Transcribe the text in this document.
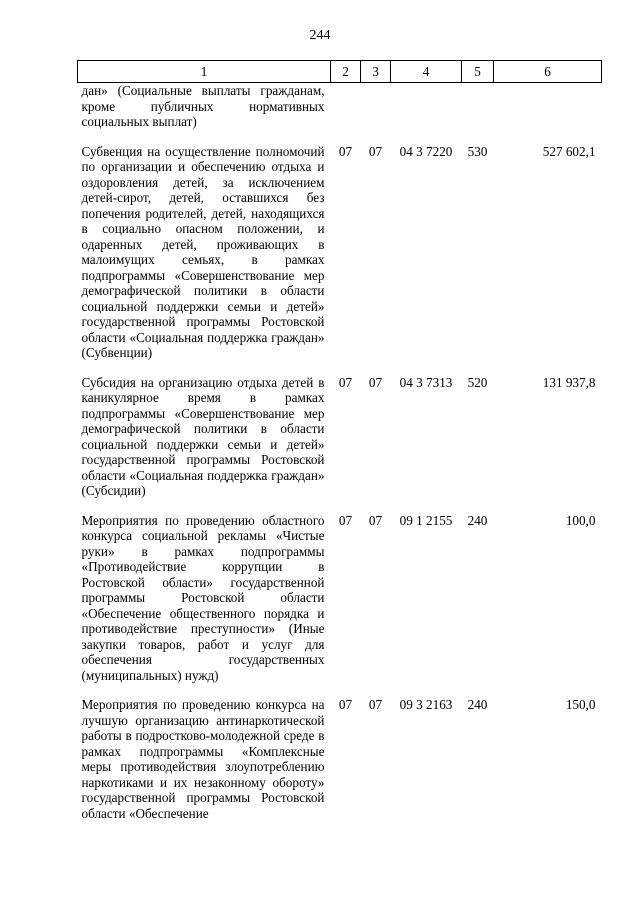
244
1	2	3	4	5	6
дан» (Социальные выплаты гражданам, кроме публичных нормативных социальных выплат)					
Субвенция на осуществление полномочий по организации и обеспечению отдыха и оздоровления детей, за исключением детей-сирот, детей, оставшихся без попечения родителей, детей, находящихся в социально опасном положении, и одаренных детей, проживающих в малоимущих семьях, в рамках подпрограммы «Совершенствование мер демографической политики в области социальной поддержки семьи и детей» государственной программы Ростовской области «Социальная поддержка граждан» (Субвенции)	07	07	04 3 7220	530	527 602,1
Субсидия на организацию отдыха детей в каникулярное время в рамках подпрограммы «Совершенствование мер демографической политики в области социальной поддержки семьи и детей» государственной программы Ростовской области «Социальная поддержка граждан» (Субсидии)	07	07	04 3 7313	520	131 937,8
Мероприятия по проведению областного конкурса социальной рекламы «Чистые руки» в рамках подпрограммы «Противодействие коррупции в Ростовской области» государственной программы Ростовской области «Обеспечение общественного порядка и противодействие преступности» (Иные закупки товаров, работ и услуг для обеспечения государственных (муниципальных) нужд)	07	07	09 1 2155	240	100,0
Мероприятия по проведению конкурса на лучшую организацию антинаркотической работы в подростково-молодежной среде в рамках подпрограммы «Комплексные меры противодействия злоупотреблению наркотиками и их незаконному обороту» государственной программы Ростовской области «Обеспечение	07	07	09 3 2163	240	150,0
